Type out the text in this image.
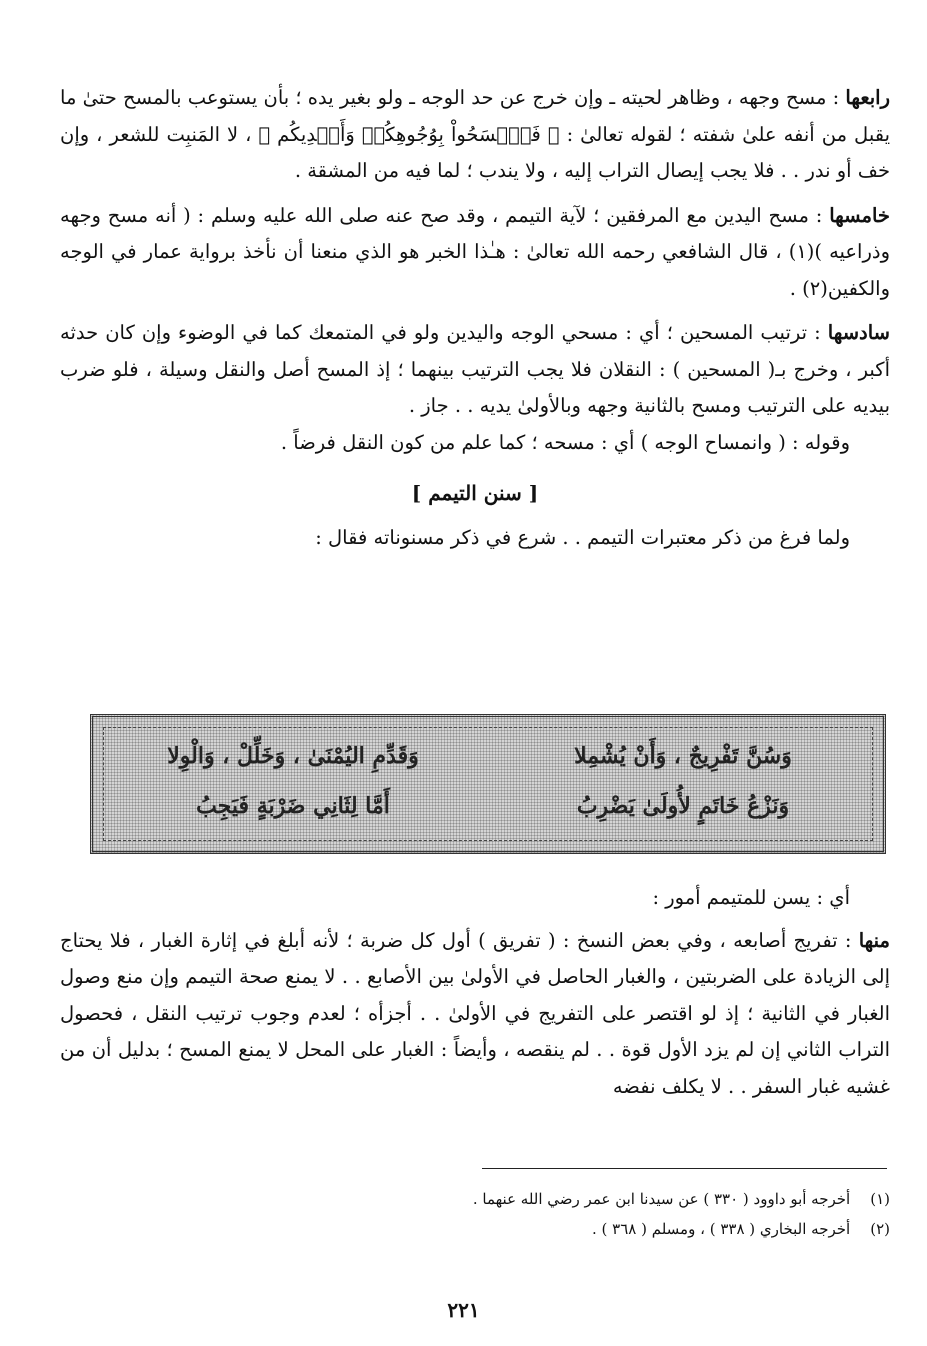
رابعها : مسح وجهه ، وظاهر لحيته ـ وإن خرج عن حد الوجه ـ ولو بغير يده ؛ بأن يستوعب بالمسح حتىٰ ما يقبل من أنفه علىٰ شفته ؛ لقوله تعالىٰ : ﴿ فَٱمۡسَحُواْ بِوُجُوهِكُمۡ وَأَيۡدِيكُم ﴾ ، لا المَنبِت للشعر ، وإن خف أو ندر . . فلا يجب إيصال التراب إليه ، ولا يندب ؛ لما فيه من المشقة .

خامسها : مسح اليدين مع المرفقين ؛ لآية التيمم ، وقد صح عنه صلى الله عليه وسلم : ( أنه مسح وجهه وذراعيه )(١) ، قال الشافعي رحمه الله تعالىٰ : هـٰذا الخبر هو الذي منعنا أن نأخذ برواية عمار في الوجه والكفين(٢) .

سادسها : ترتيب المسحين ؛ أي : مسحي الوجه واليدين ولو في المتمعك كما في الوضوء وإن كان حدثه أكبر ، وخرج بـ( المسحين ) : النقلان فلا يجب الترتيب بينهما ؛ إذ المسح أصل والنقل وسيلة ، فلو ضرب بيديه على الترتيب ومسح بالثانية وجهه وبالأولىٰ يديه . . جاز .

وقوله : ( وانمساح الوجه ) أي : مسحه ؛ كما علم من كون النقل فرضاً .

[ سنن التيمم ]

ولما فرغ من ذكر معتبرات التيمم . . شرع في ذكر مسنوناته فقال :

وَسُنَّ تَفْرِيجٌ ، وَأَنْ يُشْمِلا
وَقَدِّمِ اليُمْنَىٰ ، وَخَلِّلْ ، وَالْوِلا
وَنَزْعُ خَاتَمٍ لأُولَىٰ يَضْرِبُ
أَمَّا لِثَانِي ضَرْبَةٍ فَيَجِبُ

أي : يسن للمتيمم أمور :

منها : تفريج أصابعه ، وفي بعض النسخ : ( تفريق ) أول كل ضربة ؛ لأنه أبلغ في إثارة الغبار ، فلا يحتاج إلى الزيادة على الضربتين ، والغبار الحاصل في الأولىٰ بين الأصابع . . لا يمنع صحة التيمم وإن منع وصول الغبار في الثانية ؛ إذ لو اقتصر على التفريج في الأولىٰ . . أجزأه ؛ لعدم وجوب ترتيب النقل ، فحصول التراب الثاني إن لم يزد الأول قوة . . لم ينقصه ، وأيضاً : الغبار على المحل لا يمنع المسح ؛ بدليل أن من غشيه غبار السفر . . لا يكلف نفضه

(١)
أخرجه أبو داوود ( ٣٣٠ ) عن سيدنا ابن عمر رضي الله عنهما .
(٢)
أخرجه البخاري ( ٣٣٨ ) ، ومسلم ( ٣٦٨ ) .
٢٢١
